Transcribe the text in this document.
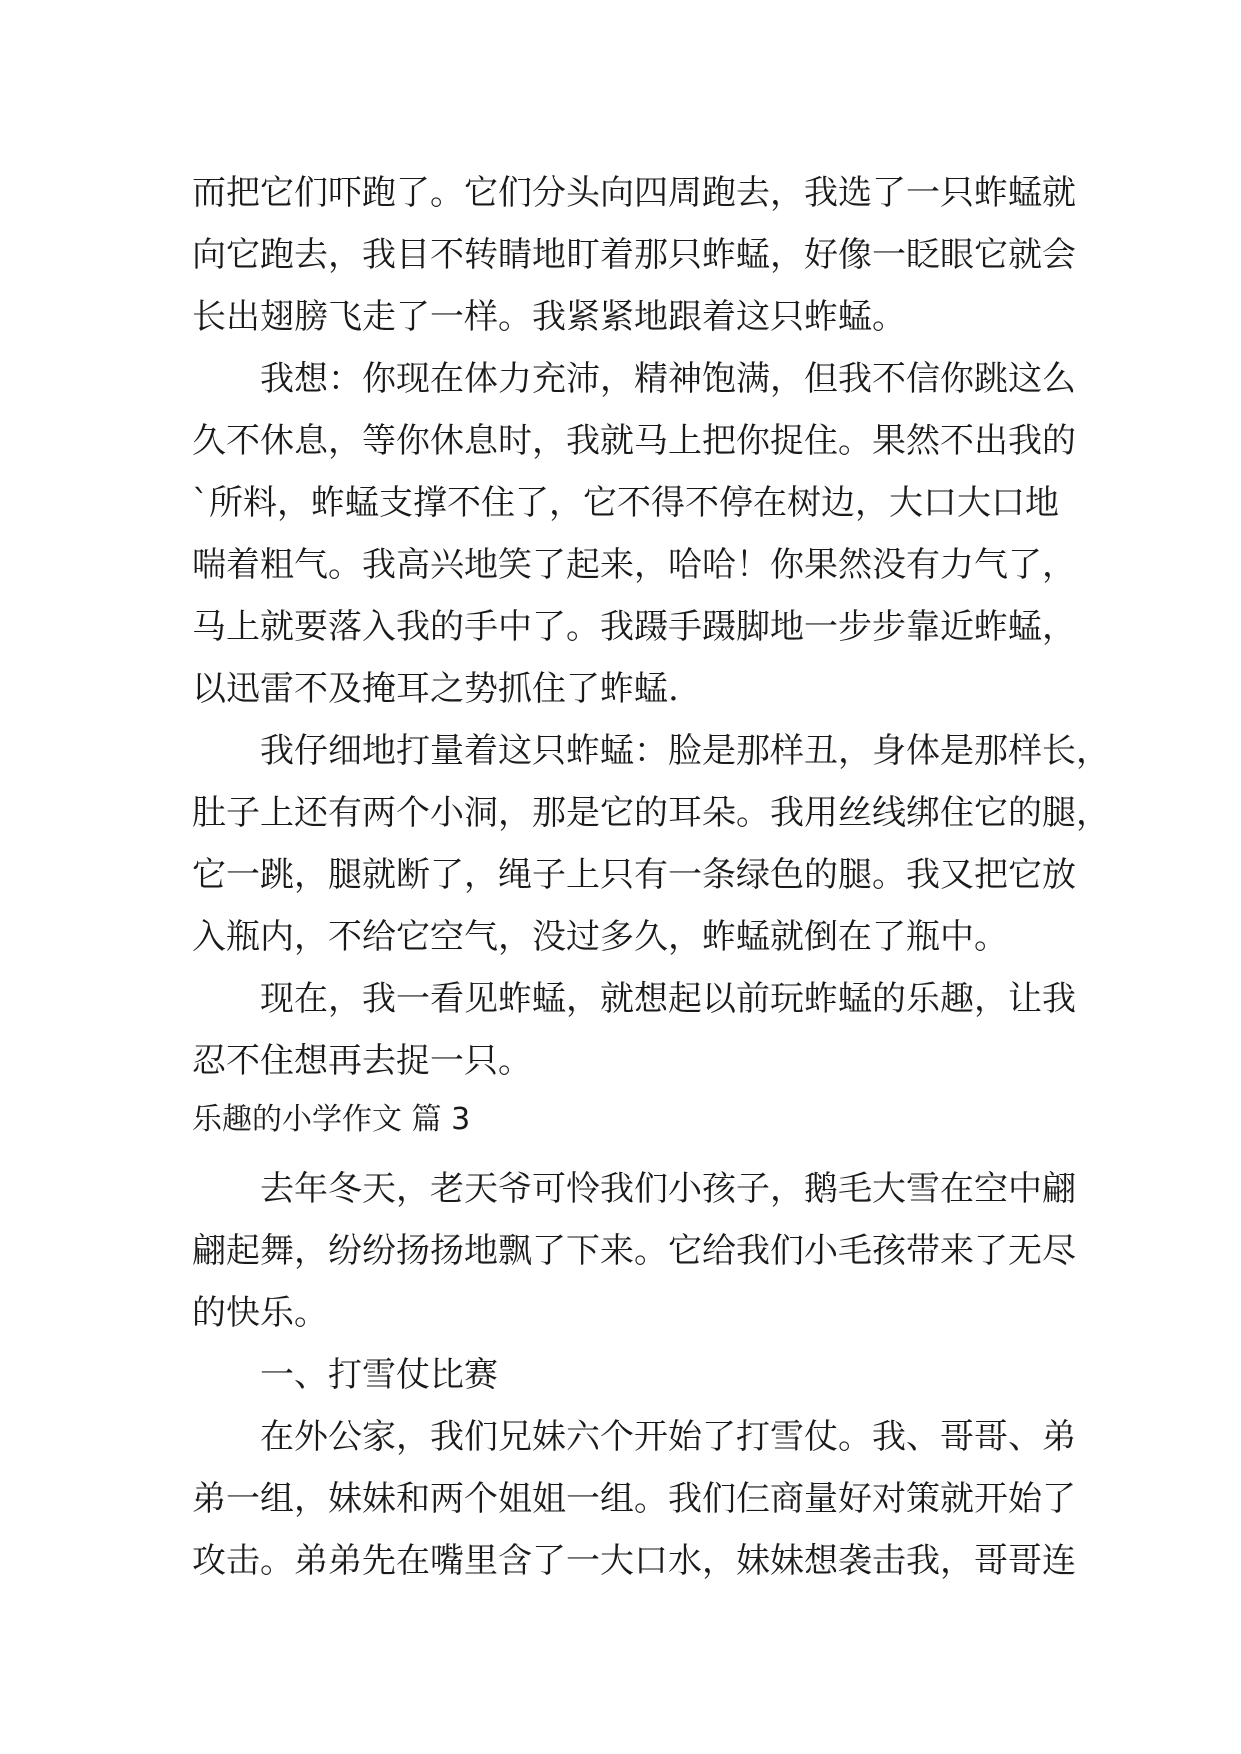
而把它们吓跑了。它们分头向四周跑去，我选了一只蚱蜢就
向它跑去，我目不转睛地盯着那只蚱蜢，好像一眨眼它就会
长出翅膀飞走了一样。我紧紧地跟着这只蚱蜢。
　　我想：你现在体力充沛，精神饱满，但我不信你跳这么
久不休息，等你休息时，我就马上把你捉住。果然不出我的
`所料，蚱蜢支撑不住了，它不得不停在树边，大口大口地
喘着粗气。我高兴地笑了起来，哈哈！你果然没有力气了，
马上就要落入我的手中了。我蹑手蹑脚地一步步靠近蚱蜢，
以迅雷不及掩耳之势抓住了蚱蜢.
　　我仔细地打量着这只蚱蜢：脸是那样丑，身体是那样长，
肚子上还有两个小洞，那是它的耳朵。我用丝线绑住它的腿，
它一跳，腿就断了，绳子上只有一条绿色的腿。我又把它放
入瓶内，不给它空气，没过多久，蚱蜢就倒在了瓶中。
　　现在，我一看见蚱蜢，就想起以前玩蚱蜢的乐趣，让我
忍不住想再去捉一只。
乐趣的小学作文 篇 3
　　去年冬天，老天爷可怜我们小孩子，鹅毛大雪在空中翩
翩起舞，纷纷扬扬地飘了下来。它给我们小毛孩带来了无尽
的快乐。
　　一、打雪仗比赛
　　在外公家，我们兄妹六个开始了打雪仗。我、哥哥、弟
弟一组，妹妹和两个姐姐一组。我们仨商量好对策就开始了
攻击。弟弟先在嘴里含了一大口水，妹妹想袭击我，哥哥连
